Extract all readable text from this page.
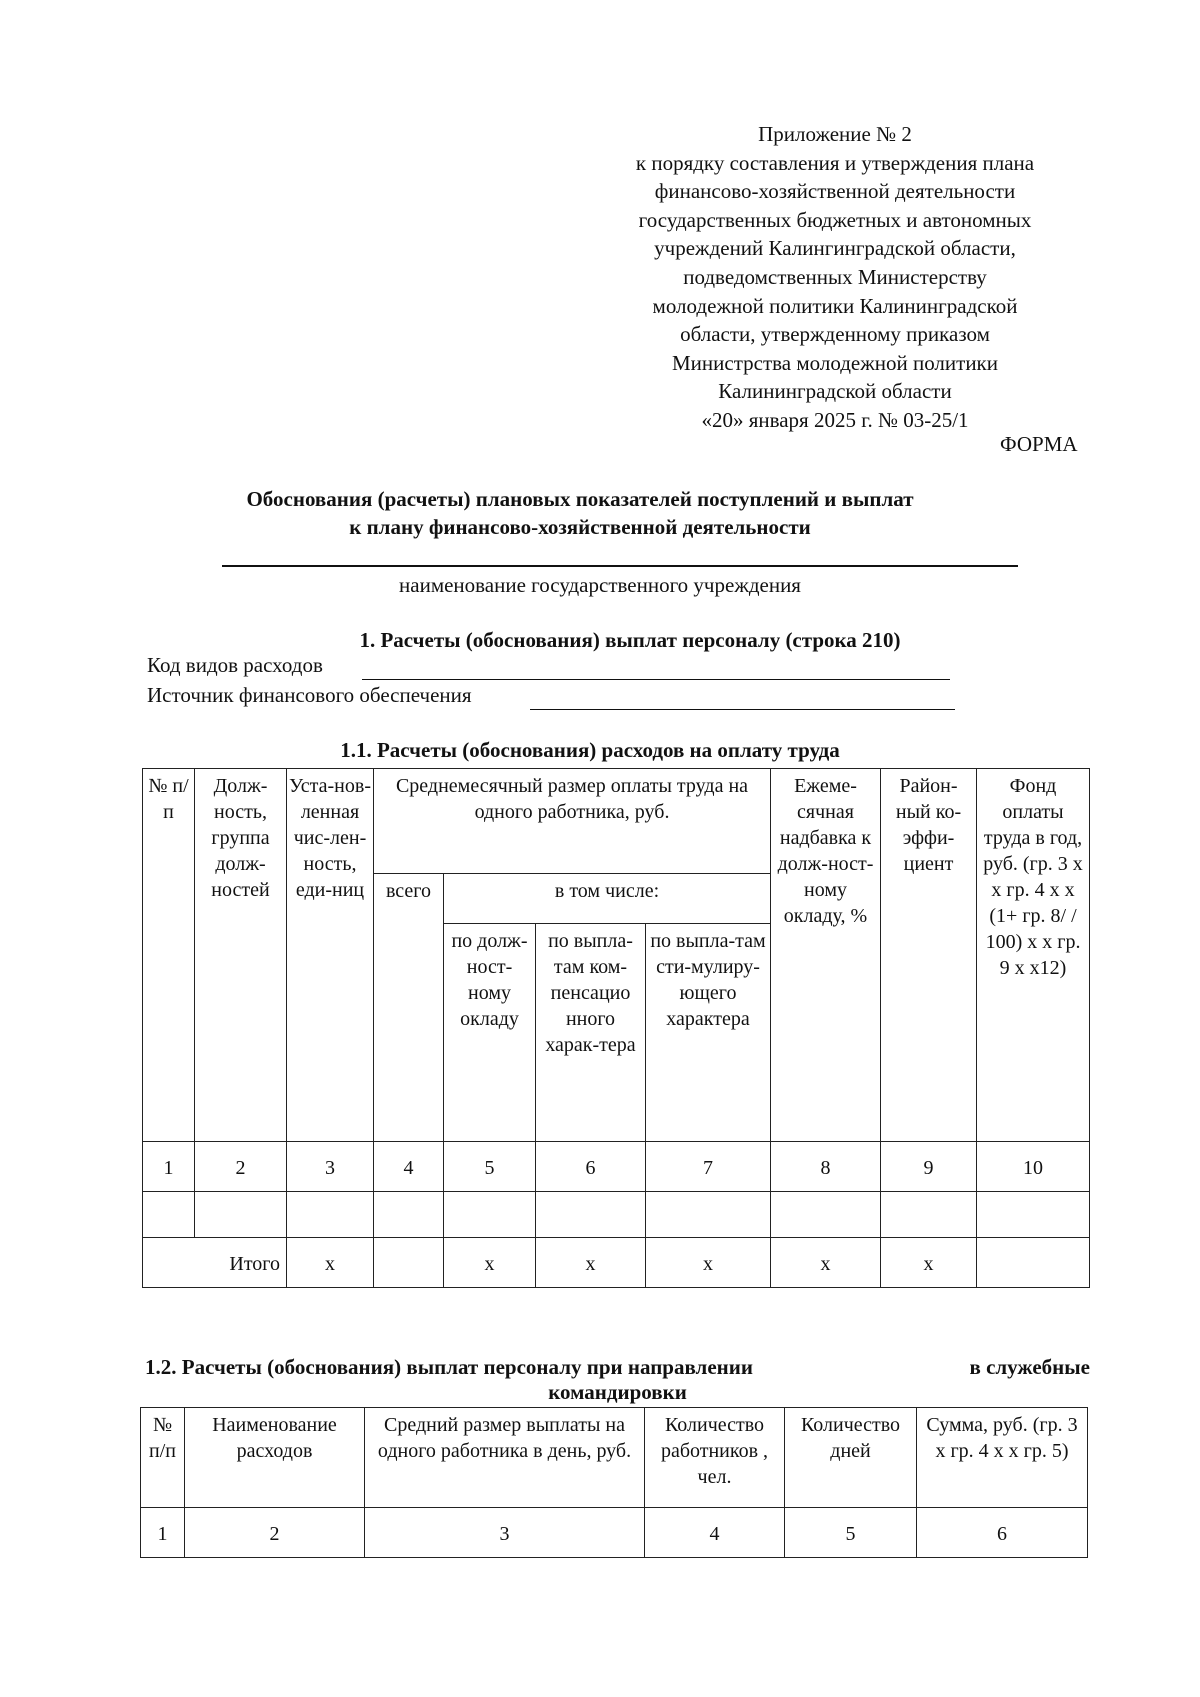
Приложение № 2
к порядку составления и утверждения плана
финансово-хозяйственной деятельности
государственных бюджетных и автономных
учреждений Калингинградской области,
подведомственных Министерству
молодежной политики Калининградской
области, утвержденному приказом
Министрства молодежной политики
Калининградской области
«20» января 2025 г. № 03-25/1
ФОРМА
Обоснования (расчеты) плановых показателей поступлений и выплат
к плану финансово-хозяйственной деятельности
наименование государственного учреждения
1. Расчеты (обоснования) выплат персоналу (строка 210)
Код видов расходов
Источник финансового обеспечения
1.1. Расчеты (обоснования) расходов на оплату труда
№ п/п	Долж-ность, группа долж-ностей	Уста-нов-ленная чис-лен-ность, еди-ниц	Среднемесячный размер оплаты труда на одного работника, руб.				Ежеме-сячная надбавка к долж-ност-ному окладу, %	Район-ный ко-эффи-циент	Фонд оплаты труда в год, руб. (гр. 3 х х гр. 4 х х (1+ гр. 8/ / 100) х х гр. 9 х х12)
			всего	в том числе:					
				по долж-ност-ному окладу	по выпла-там ком-пенсацио нного харак-тера	по выпла-там сти-мулиру-ющего характера			
1	2	3	4	5	6	7	8	9	10

Итого		х		х	х	х	х	х	
1.2. Расчеты (обоснования) выплат персоналу при направлении	в служебные
командировки
№ п/п	Наименование расходов	Средний размер выплаты на одного работника в день, руб.	Количество работников , чел.	Количество дней	Сумма, руб. (гр. 3 х гр. 4 х х гр. 5)
1	2	3	4	5	6
